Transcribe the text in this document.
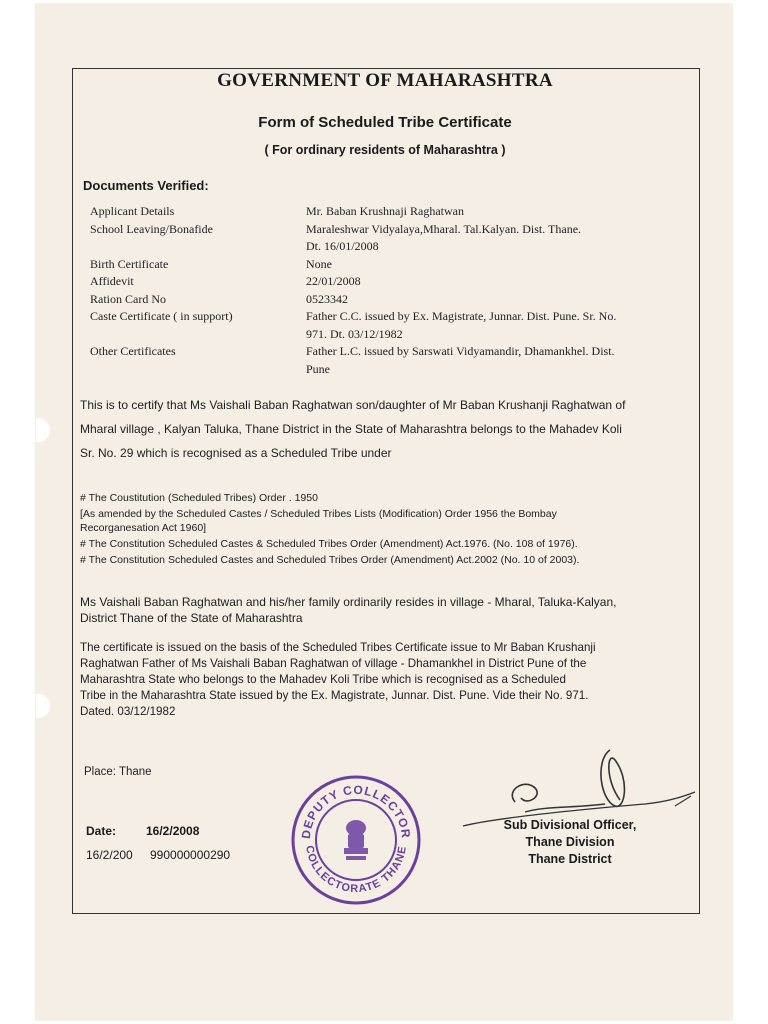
GOVERNMENT OF MAHARASHTRA
Form of Scheduled Tribe Certificate
( For ordinary residents of Maharashtra )
Documents Verified:
Applicant Details	Mr. Baban Krushnaji Raghatwan
School Leaving/Bonafide	Maraleshwar Vidyalaya,Mharal. Tal.Kalyan. Dist. Thane.
Dt. 16/01/2008
Birth Certificate	None
Affidevit	22/01/2008
Ration Card No	0523342
Caste Certificate ( in support)	Father C.C. issued by Ex. Magistrate, Junnar. Dist. Pune. Sr. No.
971. Dt. 03/12/1982
Other Certificates	Father L.C. issued by Sarswati Vidyamandir, Dhamankhel. Dist.
Pune
This is to certify that Ms Vaishali Baban Raghatwan son/daughter of Mr Baban Krushanji Raghatwan of
Mharal village , Kalyan Taluka, Thane District in the State of Maharashtra belongs to the Mahadev Koli
Sr. No. 29 which is recognised as a Scheduled Tribe under
# The Coustitution (Scheduled Tribes) Order . 1950
[As amended by the Scheduled Castes / Scheduled Tribes Lists (Modification) Order 1956 the Bombay
Recorganesation Act 1960]
# The Constitution Scheduled Castes & Scheduled Tribes Order (Amendment) Act.1976. (No. 108 of 1976).
# The Constitution Scheduled Castes and Scheduled Tribes Order (Amendment) Act.2002 (No. 10 of 2003).
Ms Vaishali Baban Raghatwan and his/her family ordinarily resides in village - Mharal, Taluka-Kalyan,
District Thane of the State of Maharashtra
The certificate is issued on the basis of the Scheduled Tribes Certificate issue to Mr Baban Krushanji
Raghatwan Father of Ms Vaishali Baban Raghatwan of village - Dhamankhel in District Pune of the
Maharashtra State who belongs to the Mahadev Koli Tribe which is recognised as a Scheduled
Tribe in the Maharashtra State issued by the Ex. Magistrate, Junnar. Dist. Pune. Vide their No. 971.
Dated. 03/12/1982
Place: Thane
Date: 16/2/2008
16/2/200 990000000290
DEPUTY COLLECTOR
COLLECTORATE THANE
Sub Divisional Officer,
Thane Division
Thane District
